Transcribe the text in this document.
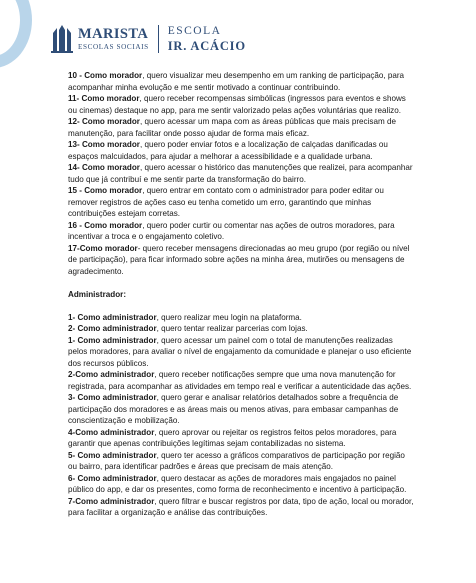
MARISTA
ESCOLAS SOCIAIS
ESCOLA
IR. ACÁCIO

10 - Como morador, quero visualizar meu desempenho em um ranking de participação, para acompanhar minha evolução e me sentir motivado a continuar contribuindo.

11- Como morador, quero receber recompensas simbólicas (ingressos para eventos e shows ou cinemas) destaque no app, para me sentir valorizado pelas ações voluntárias que realizo.

12- Como morador, quero acessar um mapa com as áreas públicas que mais precisam de manutenção, para facilitar onde posso ajudar de forma mais eficaz.

13- Como morador, quero poder enviar fotos e a localização de calçadas danificadas ou espaços malcuidados, para ajudar a melhorar a acessibilidade e a qualidade urbana.

14- Como morador, quero acessar o histórico das manutenções que realizei, para acompanhar tudo que já contribuí e me sentir parte da transformação do bairro.

15 - Como morador, quero entrar em contato com o administrador para poder editar ou remover registros de ações caso eu tenha cometido um erro, garantindo que minhas contribuições estejam corretas.

16 - Como morador, quero poder curtir ou comentar nas ações de outros moradores, para incentivar a troca e o engajamento coletivo.

17-Como morador- quero receber mensagens direcionadas ao meu grupo (por região ou nível de participação), para ficar informado sobre ações na minha área, mutirões ou mensagens de agradecimento.

Administrador:

1- Como administrador, quero realizar meu login na plataforma.

2- Como administrador, quero tentar realizar parcerias com lojas.

1- Como administrador, quero acessar um painel com o total de manutenções realizadas pelos moradores, para avaliar o nível de engajamento da comunidade e planejar o uso eficiente dos recursos públicos.

2-Como administrador, quero receber notificações sempre que uma nova manutenção for registrada, para acompanhar as atividades em tempo real e verificar a autenticidade das ações.

3- Como administrador, quero gerar e analisar relatórios detalhados sobre a frequência de participação dos moradores e as áreas mais ou menos ativas, para embasar campanhas de conscientização e mobilização.

4-Como administrador, quero aprovar ou rejeitar os registros feitos pelos moradores, para garantir que apenas contribuições legítimas sejam contabilizadas no sistema.

5- Como administrador, quero ter acesso a gráficos comparativos de participação por região ou bairro, para identificar padrões e áreas que precisam de mais atenção.

6- Como administrador, quero destacar as ações de moradores mais engajados no painel público do app, e dar os presentes, como forma de reconhecimento e incentivo à participação.

7-Como administrador, quero filtrar e buscar registros por data, tipo de ação, local ou morador, para facilitar a organização e análise das contribuições.
